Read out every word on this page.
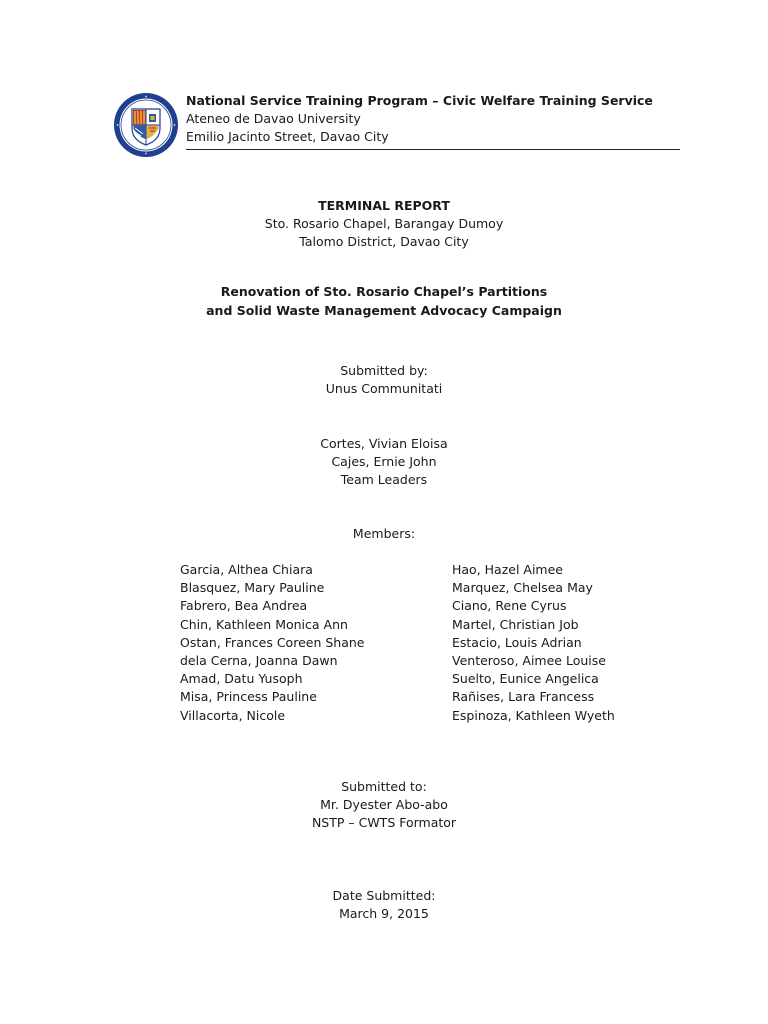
National Service Training Program – Civic Welfare Training Service
Ateneo de Davao University
Emilio Jacinto Street, Davao City
TERMINAL REPORT
Sto. Rosario Chapel, Barangay Dumoy
Talomo District, Davao City
Renovation of Sto. Rosario Chapel’s Partitions
and Solid Waste Management Advocacy Campaign
Submitted by:
Unus Communitati
Cortes, Vivian Eloisa
Cajes, Ernie John
Team Leaders
Members:
Garcia, Althea Chiara
Blasquez, Mary Pauline
Fabrero, Bea Andrea
Chin, Kathleen Monica Ann
Ostan, Frances Coreen Shane
dela Cerna, Joanna Dawn
Amad, Datu Yusoph
Misa, Princess Pauline
Villacorta, Nicole
Hao, Hazel Aimee
Marquez, Chelsea May
Ciano, Rene Cyrus
Martel, Christian Job
Estacio, Louis Adrian
Venteroso, Aimee Louise
Suelto, Eunice Angelica
Rañises, Lara Francess
Espinoza, Kathleen Wyeth
Submitted to:
Mr. Dyester Abo-abo
NSTP – CWTS Formator
Date Submitted:
March 9, 2015
